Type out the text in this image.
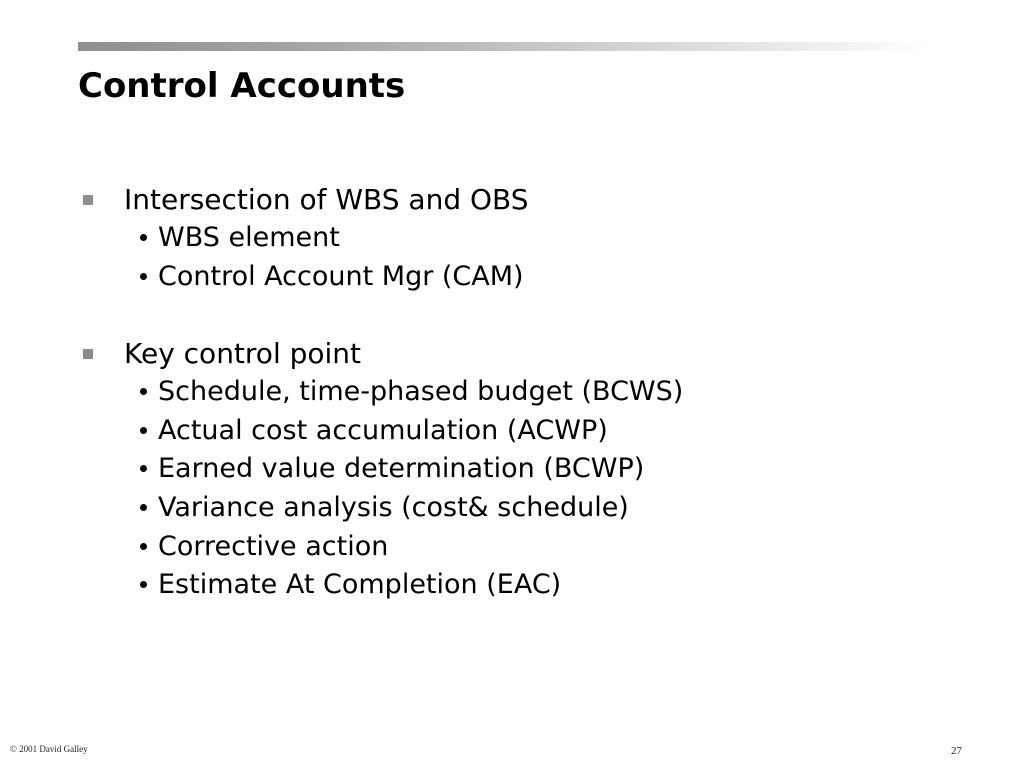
Control Accounts
Intersection of WBS and OBS
WBS element
Control Account Mgr (CAM)
Key control point
Schedule, time-phased budget (BCWS)
Actual cost accumulation (ACWP)
Earned value determination (BCWP)
Variance analysis (cost& schedule)
Corrective action
Estimate At Completion (EAC)
© 2001 David Galley	27
